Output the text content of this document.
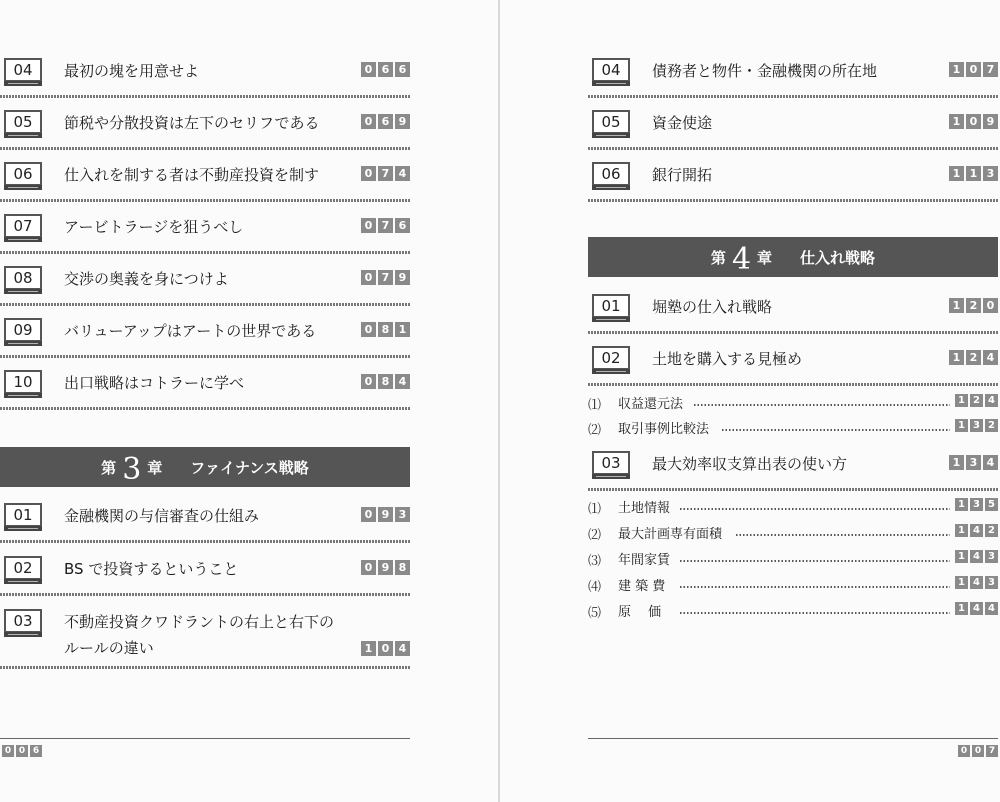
04	最初の塊を用意せよ	0 6 6
05	節税や分散投資は左下のセリフである	0 6 9
06	仕入れを制する者は不動産投資を制す	0 7 4
07	アービトラージを狙うべし	0 7 6
08	交渉の奥義を身につけよ	0 7 9
09	バリューアップはアートの世界である	0 8 1
10	出口戦略はコトラーに学べ	0 8 4
第 3 章 ファイナンス戦略
01	金融機関の与信審査の仕組み	0 9 3
02	BS で投資するということ	0 9 8
03	不動産投資クワドラントの右上と右下の
ルールの違い	1 0 4
0 0 6
04	債務者と物件・金融機関の所在地	1 0 7
05	資金使途	1 0 9
06	銀行開拓	1 1 3
第 4 章 仕入れ戦略
01	堀塾の仕入れ戦略	1 2 0
02	土地を購入する見極め	1 2 4
⑴ 収益還元法	1 2 4
⑵ 取引事例比較法	1 3 2
03	最大効率収支算出表の使い方	1 3 4
⑴ 土地情報	1 3 5
⑵ 最大計画専有面積	1 4 2
⑶ 年間家賃	1 4 3
⑷ 建 築 費	1 4 3
⑸ 原　 価	1 4 4
0 0 7
